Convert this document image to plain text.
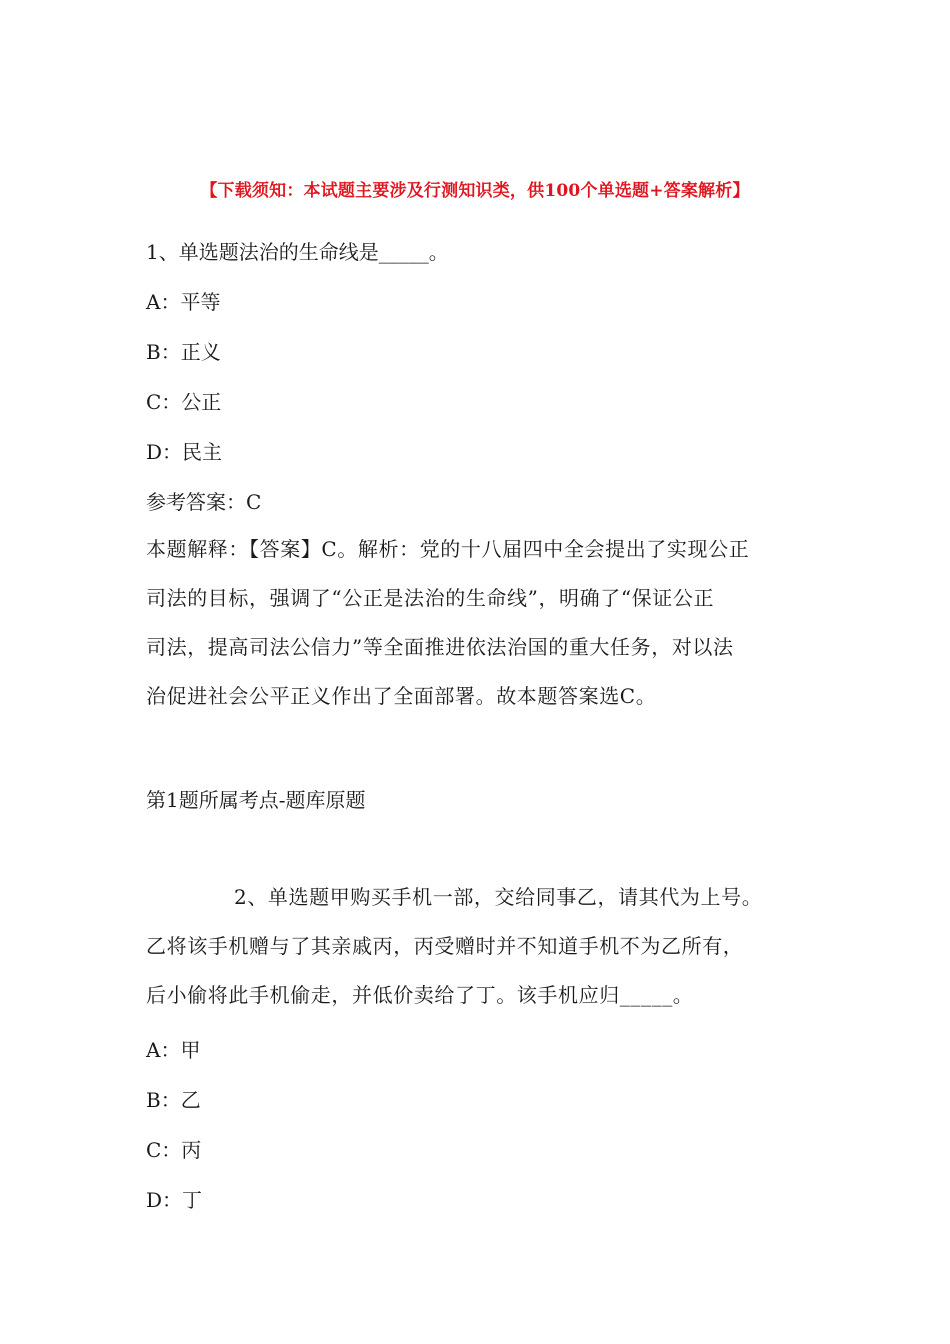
【下载须知：本试题主要涉及行测知识类，供100个单选题+答案解析】
1、单选题法治的生命线是_____。
A：平等
B：正义
C：公正
D：民主
参考答案：C
本题解释：【答案】C。解析：党的十八届四中全会提出了实现公正
司法的目标，强调了“公正是法治的生命线”，明确了“保证公正
司法，提高司法公信力”等全面推进依法治国的重大任务，对以法
治促进社会公平正义作出了全面部署。故本题答案选C。
第1题所属考点-题库原题
2、单选题甲购买手机一部，交给同事乙，请其代为上号。
乙将该手机赠与了其亲戚丙，丙受赠时并不知道手机不为乙所有，
后小偷将此手机偷走，并低价卖给了丁。该手机应归_____。
A：甲
B：乙
C：丙
D：丁
